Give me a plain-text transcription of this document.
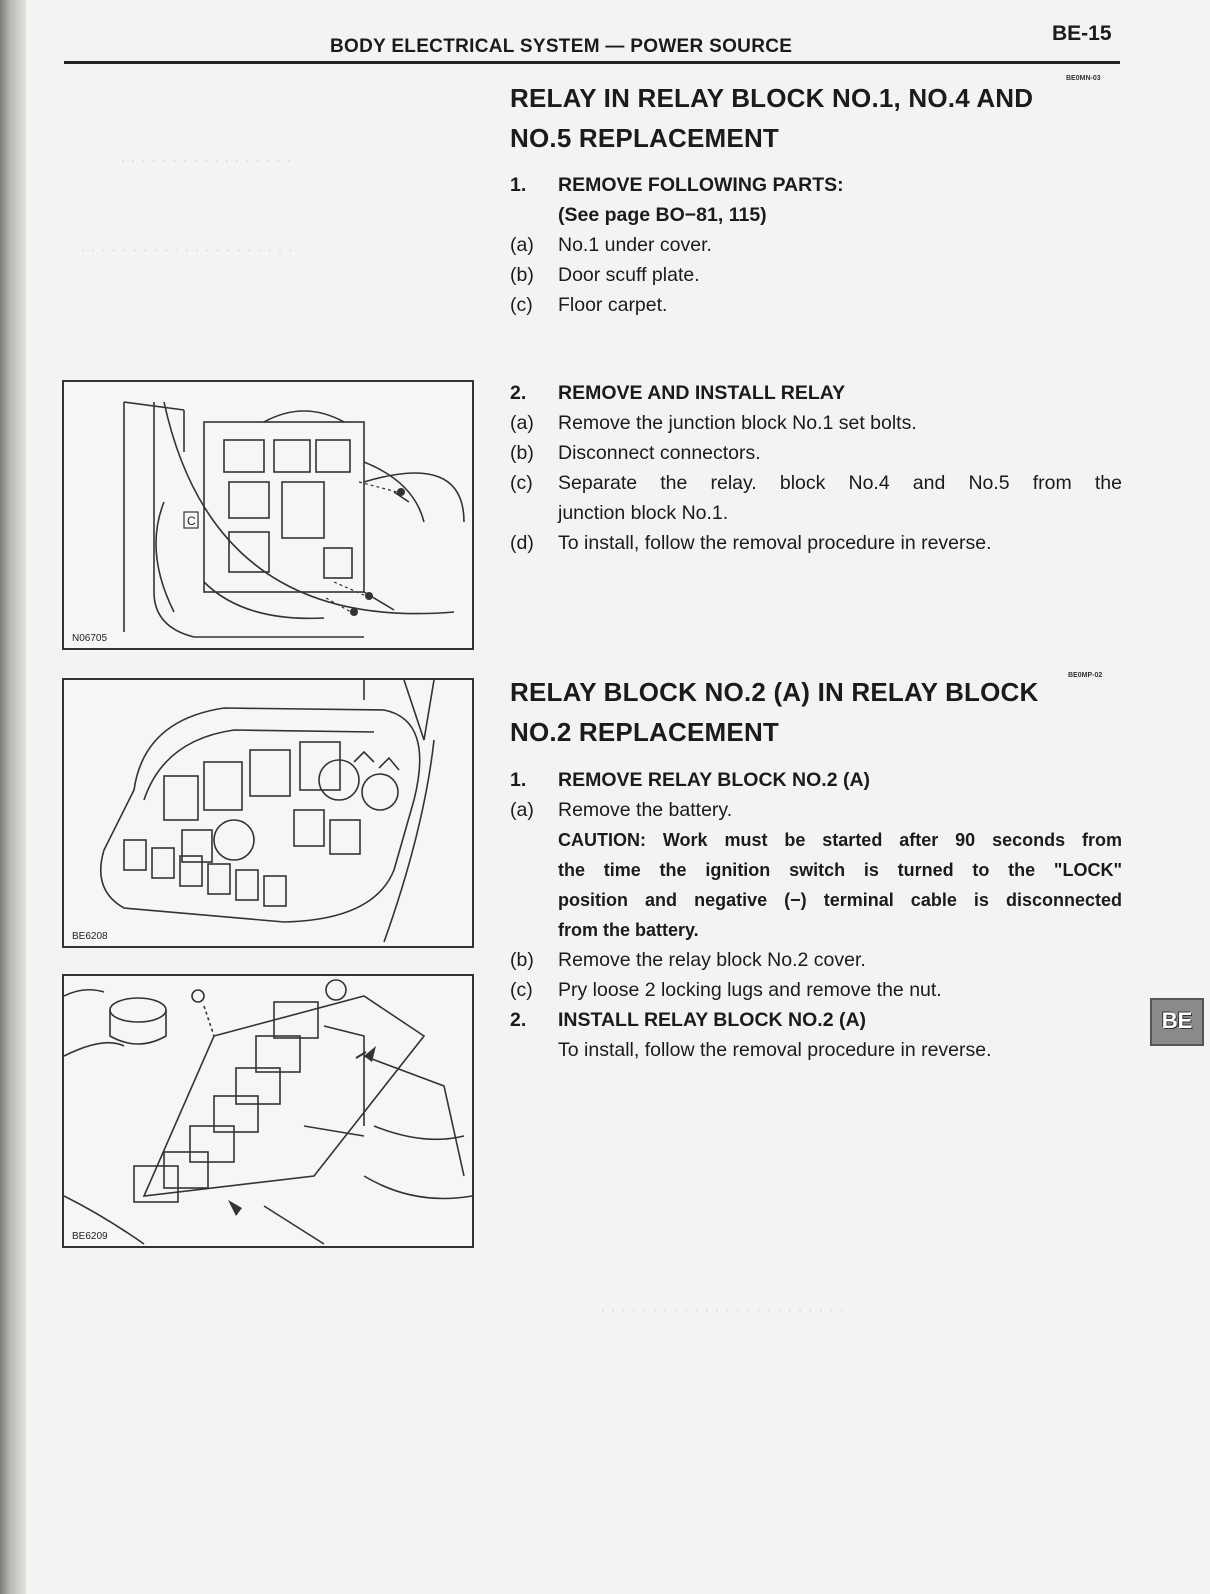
· · · · · · · · · · · · · · · · ·
· · · · · · · · · · · · · · · · · · · · ·
· · · · · · · · · · · · · · · · · · · · · · · ·
BODY ELECTRICAL SYSTEM — POWER SOURCE
BE-15
BE0MN-03
RELAY IN RELAY BLOCK NO.1, NO.4 AND
NO.5 REPLACEMENT
1. REMOVE FOLLOWING PARTS:
(See page BO−81, 115)
(a) No.1 under cover.
(b) Door scuff plate.
(c) Floor carpet.
2. REMOVE AND INSTALL RELAY
(a) Remove the junction block No.1 set bolts.
(b) Disconnect connectors.
(c) Separate the relay. block No.4 and No.5 from the
junction block No.1.
(d) To install, follow the removal procedure in reverse.
BE0MP-02
RELAY BLOCK NO.2 (A) IN RELAY BLOCK
NO.2 REPLACEMENT
1. REMOVE RELAY BLOCK NO.2 (A)
(a) Remove the battery.
CAUTION: Work must be started after 90 seconds from
the time the ignition switch is turned to the "LOCK"
position and negative (−) terminal cable is disconnected
from the battery.
(b) Remove the relay block No.2 cover.
(c) Pry loose 2 locking lugs and remove the nut.
2. INSTALL RELAY BLOCK NO.2 (A)
To install, follow the removal procedure in reverse.
BE
C
N06705
BE6208
BE6209
